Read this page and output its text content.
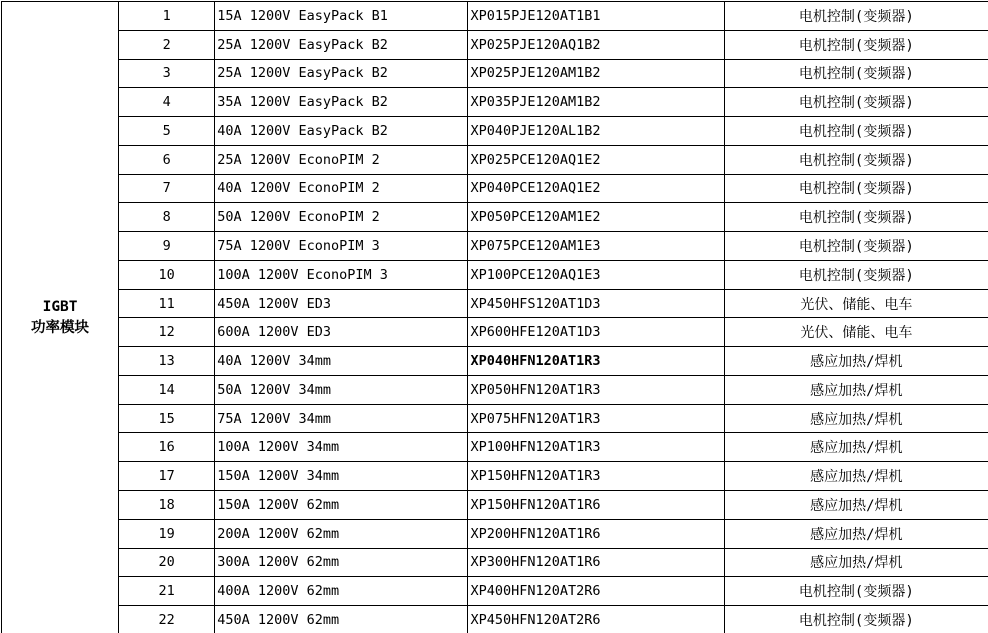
IGBT
功率模块	1	15A 1200V EasyPack B1	XP015PJE120AT1B1	电机控制(变频器)
	2	25A 1200V EasyPack B2	XP025PJE120AQ1B2	电机控制(变频器)
	3	25A 1200V EasyPack B2	XP025PJE120AM1B2	电机控制(变频器)
	4	35A 1200V EasyPack B2	XP035PJE120AM1B2	电机控制(变频器)
	5	40A 1200V EasyPack B2	XP040PJE120AL1B2	电机控制(变频器)
	6	25A 1200V EconoPIM 2	XP025PCE120AQ1E2	电机控制(变频器)
	7	40A 1200V EconoPIM 2	XP040PCE120AQ1E2	电机控制(变频器)
	8	50A 1200V EconoPIM 2	XP050PCE120AM1E2	电机控制(变频器)
	9	75A 1200V EconoPIM 3	XP075PCE120AM1E3	电机控制(变频器)
	10	100A 1200V EconoPIM 3	XP100PCE120AQ1E3	电机控制(变频器)
	11	450A 1200V ED3	XP450HFS120AT1D3	光伏、储能、电车
	12	600A 1200V ED3	XP600HFE120AT1D3	光伏、储能、电车
	13	40A 1200V 34mm	XP040HFN120AT1R3	感应加热/焊机
	14	50A 1200V 34mm	XP050HFN120AT1R3	感应加热/焊机
	15	75A 1200V 34mm	XP075HFN120AT1R3	感应加热/焊机
	16	100A 1200V 34mm	XP100HFN120AT1R3	感应加热/焊机
	17	150A 1200V 34mm	XP150HFN120AT1R3	感应加热/焊机
	18	150A 1200V 62mm	XP150HFN120AT1R6	感应加热/焊机
	19	200A 1200V 62mm	XP200HFN120AT1R6	感应加热/焊机
	20	300A 1200V 62mm	XP300HFN120AT1R6	感应加热/焊机
	21	400A 1200V 62mm	XP400HFN120AT2R6	电机控制(变频器)
	22	450A 1200V 62mm	XP450HFN120AT2R6	电机控制(变频器)
